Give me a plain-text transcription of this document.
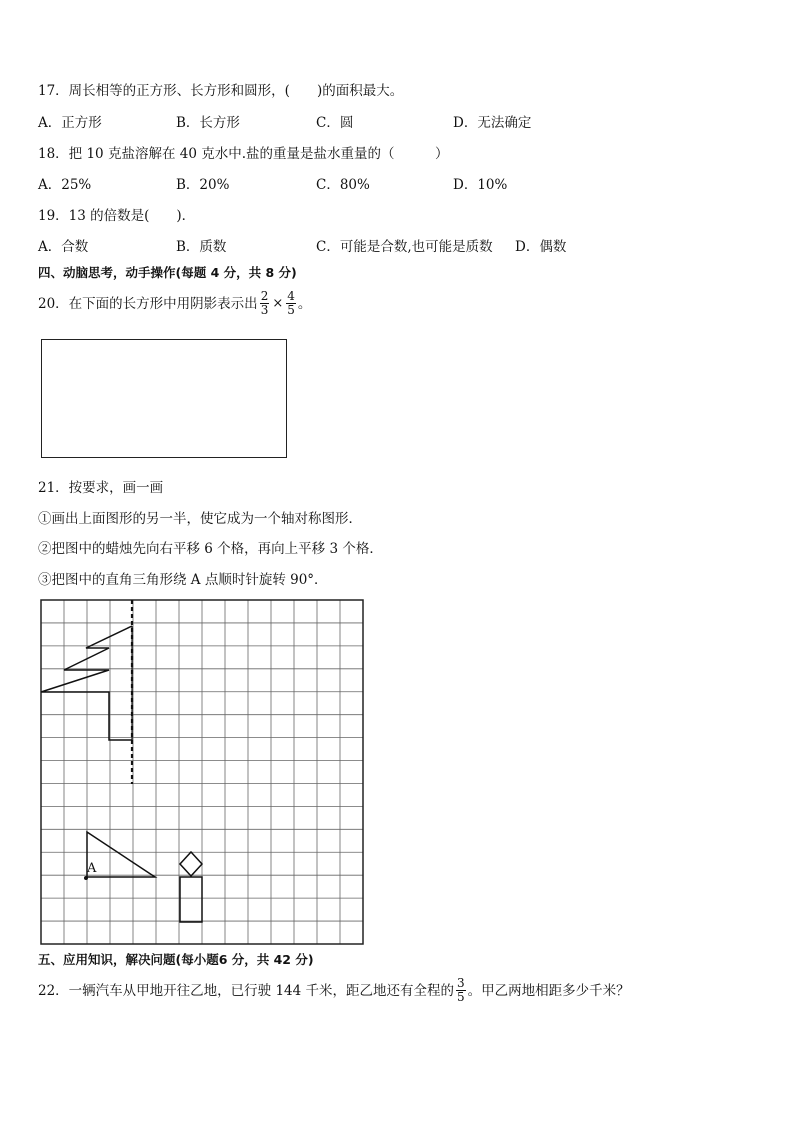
17．周长相等的正方形、长方形和圆形，(　　)的面积最大。
A．正方形	B．长方形	C．圆	D．无法确定
18．把 10 克盐溶解在 40 克水中.盐的重量是盐水重量的（　　　）
A．25%	B．20%	C．80%	D．10%
19．13 的倍数是(　　)．
A．合数	B．质数	C．可能是合数,也可能是质数 D．偶数
四、动脑思考，动手操作(每题 4 分，共 8 分)
20．在下面的长方形中用阴影表示出 $\frac{2}{3} \times \frac{4}{5}$ 。
21．按要求，画一画
①画出上面图形的另一半，使它成为一个轴对称图形．
②把图中的蜡烛先向右平移 6 个格，再向上平移 3 个格．
③把图中的直角三角形绕 A 点顺时针旋转 90°．
A
五、应用知识，解决问题(每小题6 分，共 42 分)
22．一辆汽车从甲地开往乙地，已行驶 144 千米，距乙地还有全程的 $\frac{3}{5}$ 。甲乙两地相距多少千米？
